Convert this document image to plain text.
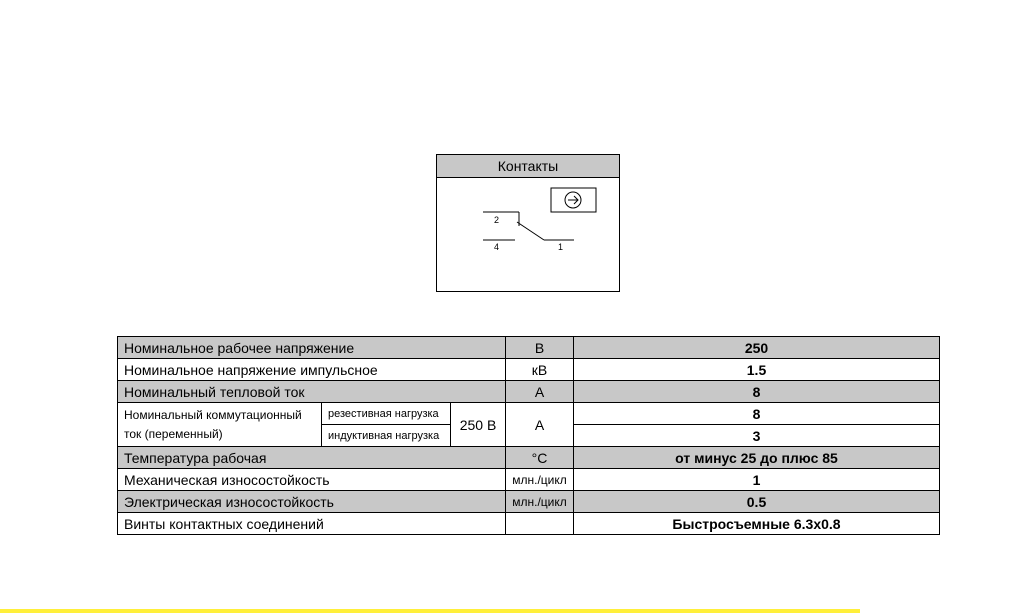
Контакты
2
4	1
Номинальное рабочее напряжение			В	250
Номинальное напряжение импульсное			кВ	1.5
Номинальный тепловой ток			А	8
Номинальный коммутационный ток (переменный)	резестивная нагрузка	250 В	А	8
	индуктивная нагрузка			3
Температура рабочая			°С	от минус 25 до плюс 85
Механическая износостойкость			млн./цикл	1
Электрическая износостойкость			млн./цикл	0.5
Винты контактных соединений				Быстросъемные 6.3х0.8
